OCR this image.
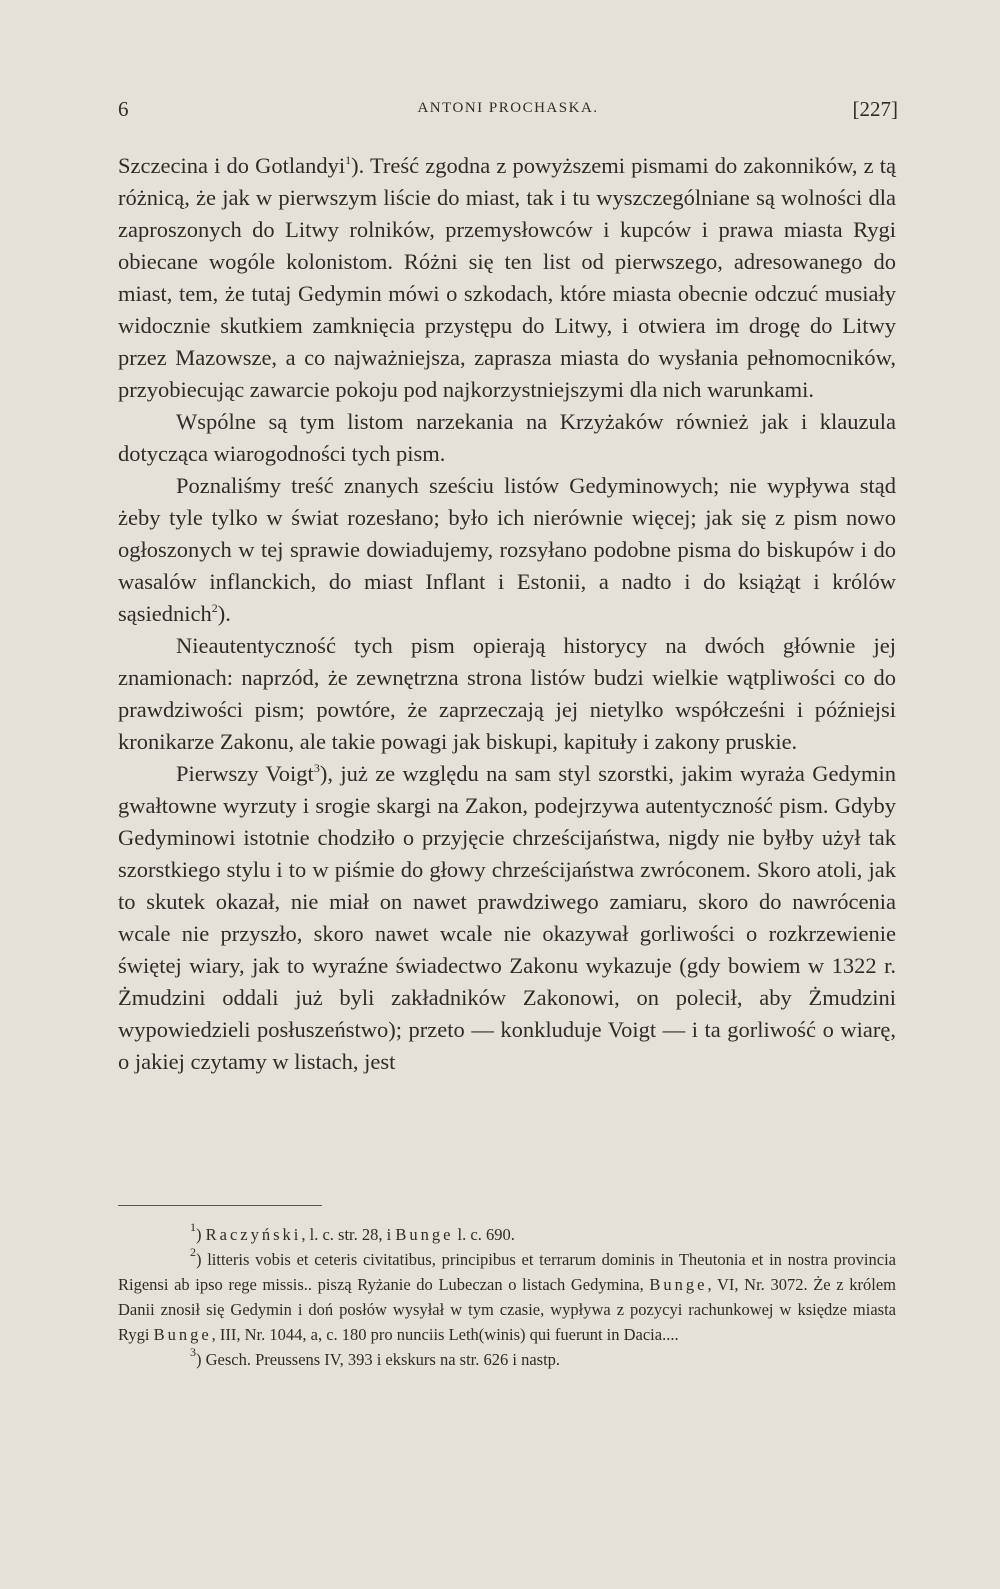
6	ANTONI PROCHASKA.	[227]

Szczecina i do Gotlandyi$^1$). Treść zgodna z powyższemi pismami do zakonników, z tą różnicą, że jak w pierwszym liście do miast, tak i tu wyszczególniane są wolności dla zaproszonych do Litwy rolników, przemysłowców i kupców i prawa miasta Rygi obiecane wogóle kolonistom. Różni się ten list od pierwszego, adresowanego do miast, tem, że tutaj Gedymin mówi o szkodach, które miasta obecnie odczuć musiały widocznie skutkiem zamknięcia przystępu do Litwy, i otwiera im drogę do Litwy przez Mazowsze, a co najważniejsza, zaprasza miasta do wysłania pełnomocników, przyobiecując zawarcie pokoju pod najkorzystniejszymi dla nich warunkami.

Wspólne są tym listom narzekania na Krzyżaków również jak i klauzula dotycząca wiarogodności tych pism.

Poznaliśmy treść znanych sześciu listów Gedyminowych; nie wypływa stąd żeby tyle tylko w świat rozesłano; było ich nierównie więcej; jak się z pism nowo ogłoszonych w tej sprawie dowiadujemy, rozsyłano podobne pisma do biskupów i do wasalów inflanckich, do miast Inflant i Estonii, a nadto i do książąt i królów sąsiednich$^2$).

Nieautentyczność tych pism opierają historycy na dwóch głównie jej znamionach: naprzód, że zewnętrzna strona listów budzi wielkie wątpliwości co do prawdziwości pism; powtóre, że zaprzeczają jej nietylko współcześni i późniejsi kronikarze Zakonu, ale takie powagi jak biskupi, kapituły i zakony pruskie.

Pierwszy Voigt$^3$), już ze względu na sam styl szorstki, jakim wyraża Gedymin gwałtowne wyrzuty i srogie skargi na Zakon, podejrzywa autentyczność pism. Gdyby Gedyminowi istotnie chodziło o przyjęcie chrześcijaństwa, nigdy nie byłby użył tak szorstkiego stylu i to w piśmie do głowy chrześcijaństwa zwróconem. Skoro atoli, jak to skutek okazał, nie miał on nawet prawdziwego zamiaru, skoro do nawrócenia wcale nie przyszło, skoro nawet wcale nie okazywał gorliwości o rozkrzewienie świętej wiary, jak to wyraźne świadectwo Zakonu wykazuje (gdy bowiem w 1322 r. Żmudzini oddali już byli zakładników Zakonowi, on polecił, aby Żmudzini wypowiedzieli posłuszeństwo); przeto — konkluduje Voigt — i ta gorliwość o wiarę, o jakiej czytamy w listach, jest

$^1$) Raczyński, l. c. str. 28, i Bunge l. c. 690.

$^2$) litteris vobis et ceteris civitatibus, principibus et terrarum dominis in Theutonia et in nostra provincia Rigensi ab ipso rege missis.. piszą Ryżanie do Lubeczan o listach Gedymina, Bunge, VI, Nr. 3072. Że z królem Danii znosił się Gedymin i doń posłów wysyłał w tym czasie, wypływa z pozycyi rachunkowej w księdze miasta Rygi Bunge, III, Nr. 1044, a, c. 180 pro nunciis Leth(winis) qui fuerunt in Dacia....

$^3$) Gesch. Preussens IV, 393 i ekskurs na str. 626 i nastp.
